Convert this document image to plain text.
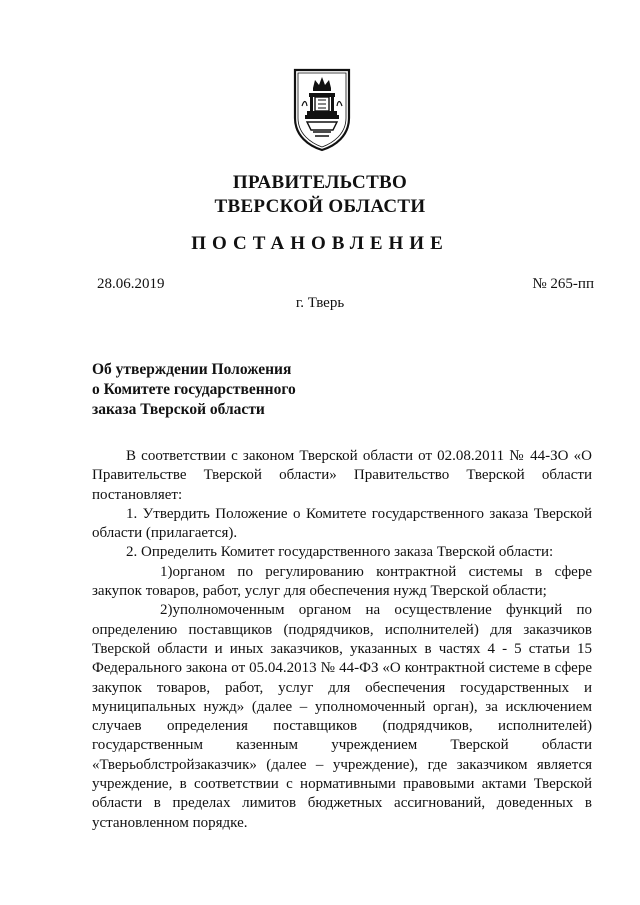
ПРАВИТЕЛЬСТВО
ТВЕРСКОЙ ОБЛАСТИ
ПОСТАНОВЛЕНИЕ
28.06.2019	№ 265-пп
г. Тверь
Об утверждении Положения
о Комитете государственного
заказа Тверской области

В соответствии с законом Тверской области от 02.08.2011 № 44-ЗО «О Правительстве Тверской области» Правительство Тверской области постановляет:

1. Утвердить Положение о Комитете государственного заказа Тверской области (прилагается).

2. Определить Комитет государственного заказа Тверской области:

1)органом по регулированию контрактной системы в сфере закупок товаров, работ, услуг для обеспечения нужд Тверской области;

2)уполномоченным органом на осуществление функций по определению поставщиков (подрядчиков, исполнителей) для заказчиков Тверской области и иных заказчиков, указанных в частях 4 - 5 статьи 15 Федерального закона от 05.04.2013 № 44-ФЗ «О контрактной системе в сфере закупок товаров, работ, услуг для обеспечения государственных и муниципальных нужд» (далее – уполномоченный орган), за исключением случаев определения поставщиков (подрядчиков, исполнителей) государственным казенным учреждением Тверской области «Тверьоблстройзаказчик» (далее – учреждение), где заказчиком является учреждение, в соответствии с нормативными правовыми актами Тверской области в пределах лимитов бюджетных ассигнований, доведенных в установленном порядке.
